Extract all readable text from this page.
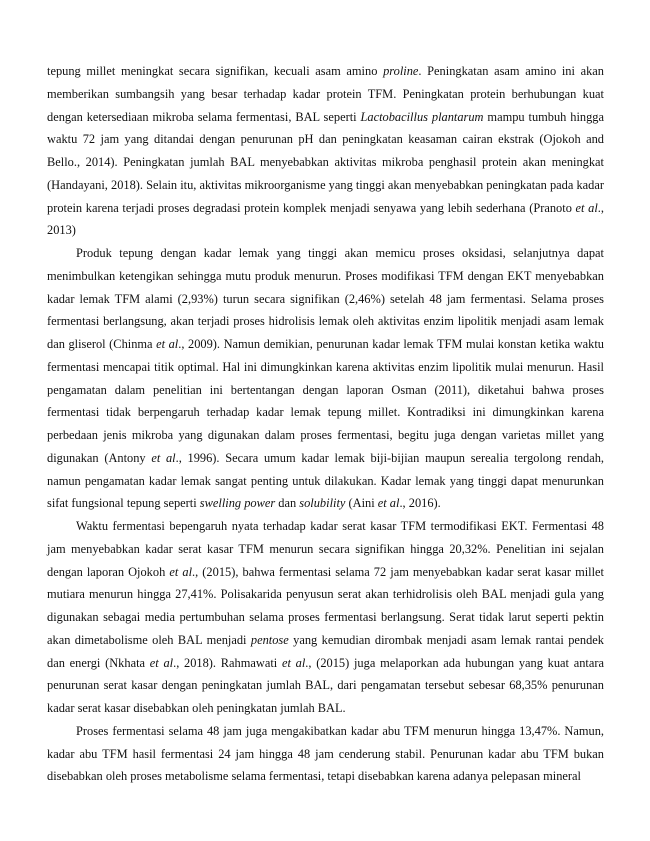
tepung millet meningkat secara signifikan, kecuali asam amino proline. Peningkatan asam amino ini akan memberikan sumbangsih yang besar terhadap kadar protein TFM. Peningkatan protein berhubungan kuat dengan ketersediaan mikroba selama fermentasi, BAL seperti Lactobacillus plantarum mampu tumbuh hingga waktu 72 jam yang ditandai dengan penurunan pH dan peningkatan keasaman cairan ekstrak (Ojokoh and Bello., 2014). Peningkatan jumlah BAL menyebabkan aktivitas mikroba penghasil protein akan meningkat (Handayani, 2018). Selain itu, aktivitas mikroorganisme yang tinggi akan menyebabkan peningkatan pada kadar protein karena terjadi proses degradasi protein komplek menjadi senyawa yang lebih sederhana (Pranoto et al., 2013)

Produk tepung dengan kadar lemak yang tinggi akan memicu proses oksidasi, selanjutnya dapat menimbulkan ketengikan sehingga mutu produk menurun. Proses modifikasi TFM dengan EKT menyebabkan kadar lemak TFM alami (2,93%) turun secara signifikan (2,46%) setelah 48 jam fermentasi. Selama proses fermentasi berlangsung, akan terjadi proses hidrolisis lemak oleh aktivitas enzim lipolitik menjadi asam lemak dan gliserol (Chinma et al., 2009). Namun demikian, penurunan kadar lemak TFM mulai konstan ketika waktu fermentasi mencapai titik optimal. Hal ini dimungkinkan karena aktivitas enzim lipolitik mulai menurun. Hasil pengamatan dalam penelitian ini bertentangan dengan laporan Osman (2011), diketahui bahwa proses fermentasi tidak berpengaruh terhadap kadar lemak tepung millet. Kontradiksi ini dimungkinkan karena perbedaan jenis mikroba yang digunakan dalam proses fermentasi, begitu juga dengan varietas millet yang digunakan (Antony et al., 1996). Secara umum kadar lemak biji-bijian maupun serealia tergolong rendah, namun pengamatan kadar lemak sangat penting untuk dilakukan. Kadar lemak yang tinggi dapat menurunkan sifat fungsional tepung seperti swelling power dan solubility (Aini et al., 2016).

Waktu fermentasi bepengaruh nyata terhadap kadar serat kasar TFM termodifikasi EKT. Fermentasi 48 jam menyebabkan kadar serat kasar TFM menurun secara signifikan hingga 20,32%. Penelitian ini sejalan dengan laporan Ojokoh et al., (2015), bahwa fermentasi selama 72 jam menyebabkan kadar serat kasar millet mutiara menurun hingga 27,41%. Polisakarida penyusun serat akan terhidrolisis oleh BAL menjadi gula yang digunakan sebagai media pertumbuhan selama proses fermentasi berlangsung. Serat tidak larut seperti pektin akan dimetabolisme oleh BAL menjadi pentose yang kemudian dirombak menjadi asam lemak rantai pendek dan energi (Nkhata et al., 2018). Rahmawati et al., (2015) juga melaporkan ada hubungan yang kuat antara penurunan serat kasar dengan peningkatan jumlah BAL, dari pengamatan tersebut sebesar 68,35% penurunan kadar serat kasar disebabkan oleh peningkatan jumlah BAL.

Proses fermentasi selama 48 jam juga mengakibatkan kadar abu TFM menurun hingga 13,47%. Namun, kadar abu TFM hasil fermentasi 24 jam hingga 48 jam cenderung stabil. Penurunan kadar abu TFM bukan disebabkan oleh proses metabolisme selama fermentasi, tetapi disebabkan karena adanya pelepasan mineral
